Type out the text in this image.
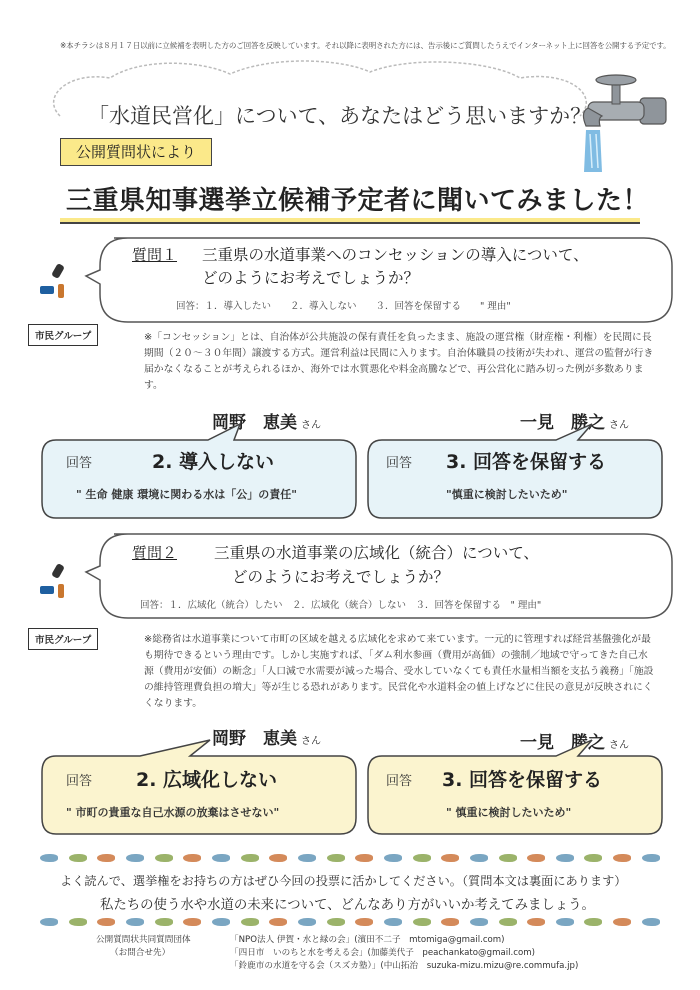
※本チラシは８月１７日以前に立候補を表明した方のご回答を反映しています。それ以降に表明された方には、告示後にご質問したうえでインターネット上に回答を公開する予定です。
「水道民営化」について、あなたはどう思いますか？
公開質問状により
三重県知事選挙立候補予定者に聞いてみました！
質問１ 三重県の水道事業へのコンセッションの導入について、
どのようにお考えでしょうか？
回答：１．導入したい　　２．導入しない　　３．回答を保留する　　" 理由"
市民グループ	※「コンセッション」とは、自治体が公共施設の保有責任を負ったまま、施設の運営権（財産権・利権）を民間に長期間（２０～３０年間）譲渡する方式。運営利益は民間に入ります。自治体職員の技術が失われ、運営の監督が行き届かなくなることが考えられるほか、海外では水質悪化や料金高騰などで、再公営化に踏み切った例が多数あります。
岡野　恵美 さん	一見　勝之 さん
回答	2. 導入しない
" 生命 健康 環境に関わる水は「公」の責任"
回答 3. 回答を保留する
"慎重に検討したいため"
質問２ 三重県の水道事業の広域化（統合）について、
どのようにお考えでしょうか？
回答：１．広域化（統合）したい　２．広域化（統合）しない　３．回答を保留する　" 理由"
市民グループ	※総務省は水道事業について市町の区域を越える広域化を求めて来ています。一元的に管理すれば経営基盤強化が最も期待できるという理由です。しかし実施すれば、「ダム利水参画（費用が高価）の強制／地域で守ってきた自己水源（費用が安価）の断念」「人口減で水需要が減った場合、受水していなくても責任水量相当額を支払う義務」「施設の維持管理費負担の増大」等が生じる恐れがあります。民営化や水道料金の値上げなどに住民の意見が反映されにくくなります。
岡野　恵美 さん	一見　勝之 さん
回答 2. 広域化しない
" 市町の貴重な自己水源の放棄はさせない"
回答 3. 回答を保留する
" 慎重に検討したいため"
よく読んで、選挙権をお持ちの方はぜひ今回の投票に活かしてください。（質問本文は裏面にあります）
私たちの使う水や水道の未来について、どんなあり方がいいか考えてみましょう。
公開質問状共同質問団体
（お問合せ先）
「NPO法人 伊賀・水と緑の会」(濱田不二子　mtomiga@gmail.com)
「四日市　いのちと水を考える会」(加藤美代子　peachankato@gmail.com)
「鈴鹿市の水道を守る会（スズカ塾）」(中山拓治　suzuka-mizu.mizu@re.commufa.jp)
